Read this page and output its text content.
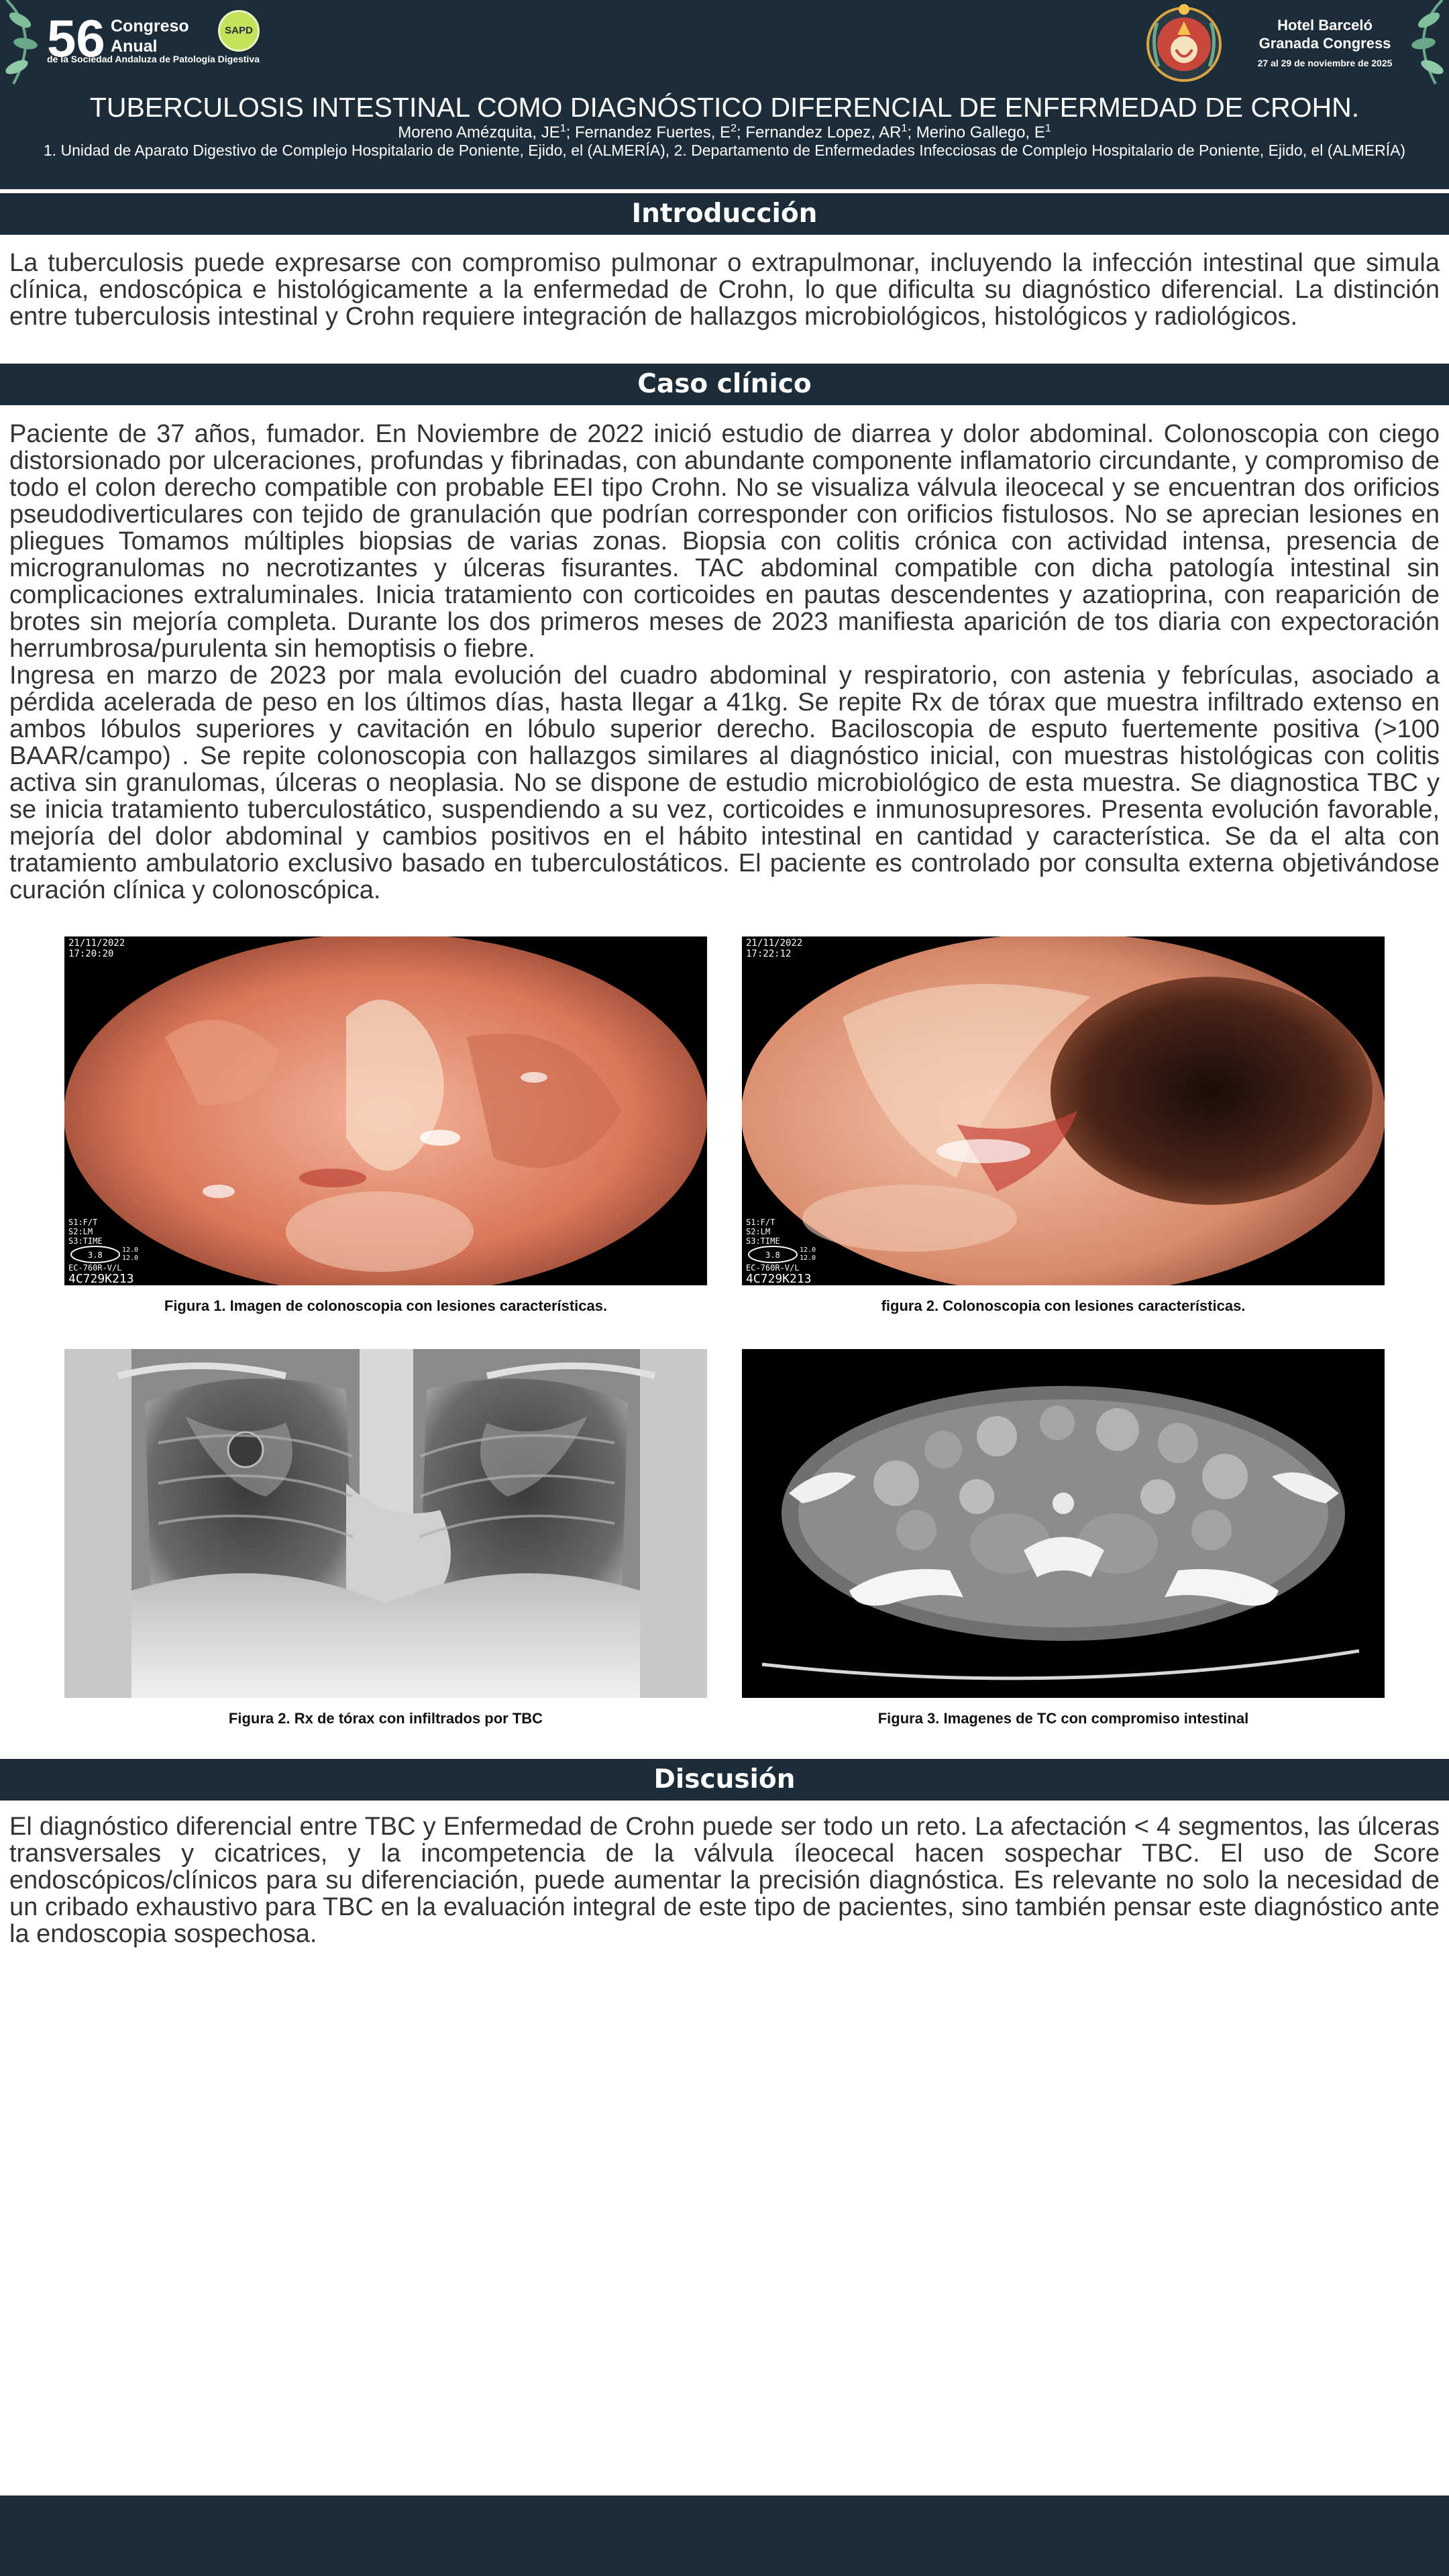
56 Congreso
Anual
de la Sociedad Andaluza de Patología Digestiva
SAPD	Hotel Barceló
Granada Congress
27 al 29 de noviembre de 2025
TUBERCULOSIS INTESTINAL COMO DIAGNÓSTICO DIFERENCIAL DE ENFERMEDAD DE CROHN.
Moreno Amézquita, $JE^1$; Fernandez Fuertes, $E^2$; Fernandez Lopez, $AR^1$; Merino Gallego, $E^1$
1. Unidad de Aparato Digestivo de Complejo Hospitalario de Poniente, Ejido, el (ALMERÍA), 2. Departamento de Enfermedades Infecciosas de Complejo Hospitalario de Poniente, Ejido, el (ALMERÍA)
Introducción

La tuberculosis puede expresarse con compromiso pulmonar o extrapulmonar, incluyendo la infección intestinal que simula clínica, endoscópica e histológicamente a la enfermedad de Crohn, lo que dificulta su diagnóstico diferencial. La distinción entre tuberculosis intestinal y Crohn requiere integración de hallazgos microbiológicos, histológicos y radiológicos.

Caso clínico

Paciente de 37 años, fumador. En Noviembre de 2022 inició estudio de diarrea y dolor abdominal. Colonoscopia con ciego distorsionado por ulceraciones, profundas y fibrinadas, con abundante componente inflamatorio circundante, y compromiso de todo el colon derecho compatible con probable EEI tipo Crohn. No se visualiza válvula ileocecal y se encuentran dos orificios pseudodiverticulares con tejido de granulación que podrían corresponder con orificios fistulosos. No se aprecian lesiones en pliegues Tomamos múltiples biopsias de varias zonas. Biopsia con colitis crónica con actividad intensa, presencia de microgranulomas no necrotizantes y úlceras fisurantes. TAC abdominal compatible con dicha patología intestinal sin complicaciones extraluminales. Inicia tratamiento con corticoides en pautas descendentes y azatioprina, con reaparición de brotes sin mejoría completa. Durante los dos primeros meses de 2023 manifiesta aparición de tos diaria con expectoración herrumbrosa/purulenta sin hemoptisis o fiebre.

Ingresa en marzo de 2023 por mala evolución del cuadro abdominal y respiratorio, con astenia y febrículas, asociado a pérdida acelerada de peso en los últimos días, hasta llegar a 41kg. Se repite Rx de tórax que muestra infiltrado extenso en ambos lóbulos superiores y cavitación en lóbulo superior derecho. Baciloscopia de esputo fuertemente positiva (>100 BAAR/campo) . Se repite colonoscopia con hallazgos similares al diagnóstico inicial, con muestras histológicas con colitis activa sin granulomas, úlceras o neoplasia. No se dispone de estudio microbiológico de esta muestra. Se diagnostica TBC y se inicia tratamiento tuberculostático, suspendiendo a su vez, corticoides e inmunosupresores. Presenta evolución favorable, mejoría del dolor abdominal y cambios positivos en el hábito intestinal en cantidad y característica. Se da el alta con tratamiento ambulatorio exclusivo basado en tuberculostáticos. El paciente es controlado por consulta externa objetivándose curación clínica y colonoscópica.

21/11/2022
17:20:20
S1:F/T
S2:LM
S3:TIME
3.8
12.0
12.0
EC-760R-V/L
4C729K213
Figura 1. Imagen de colonoscopia con lesiones características.
21/11/2022
17:22:12
S1:F/T
S2:LM
S3:TIME
3.8
12.0
12.0
EC-760R-V/L
4C729K213
figura 2. Colonoscopia con lesiones características.
Figura 2. Rx de tórax con infiltrados por TBC	Figura 3. Imagenes de TC con compromiso intestinal
Discusión

El diagnóstico diferencial entre TBC y Enfermedad de Crohn puede ser todo un reto. La afectación < 4 segmentos, las úlceras transversales y cicatrices, y la incompetencia de la válvula íleocecal hacen sospechar TBC. El uso de Score endoscópicos/clínicos para su diferenciación, puede aumentar la precisión diagnóstica. Es relevante no solo la necesidad de un cribado exhaustivo para TBC en la evaluación integral de este tipo de pacientes, sino también pensar este diagnóstico ante la endoscopia sospechosa.
